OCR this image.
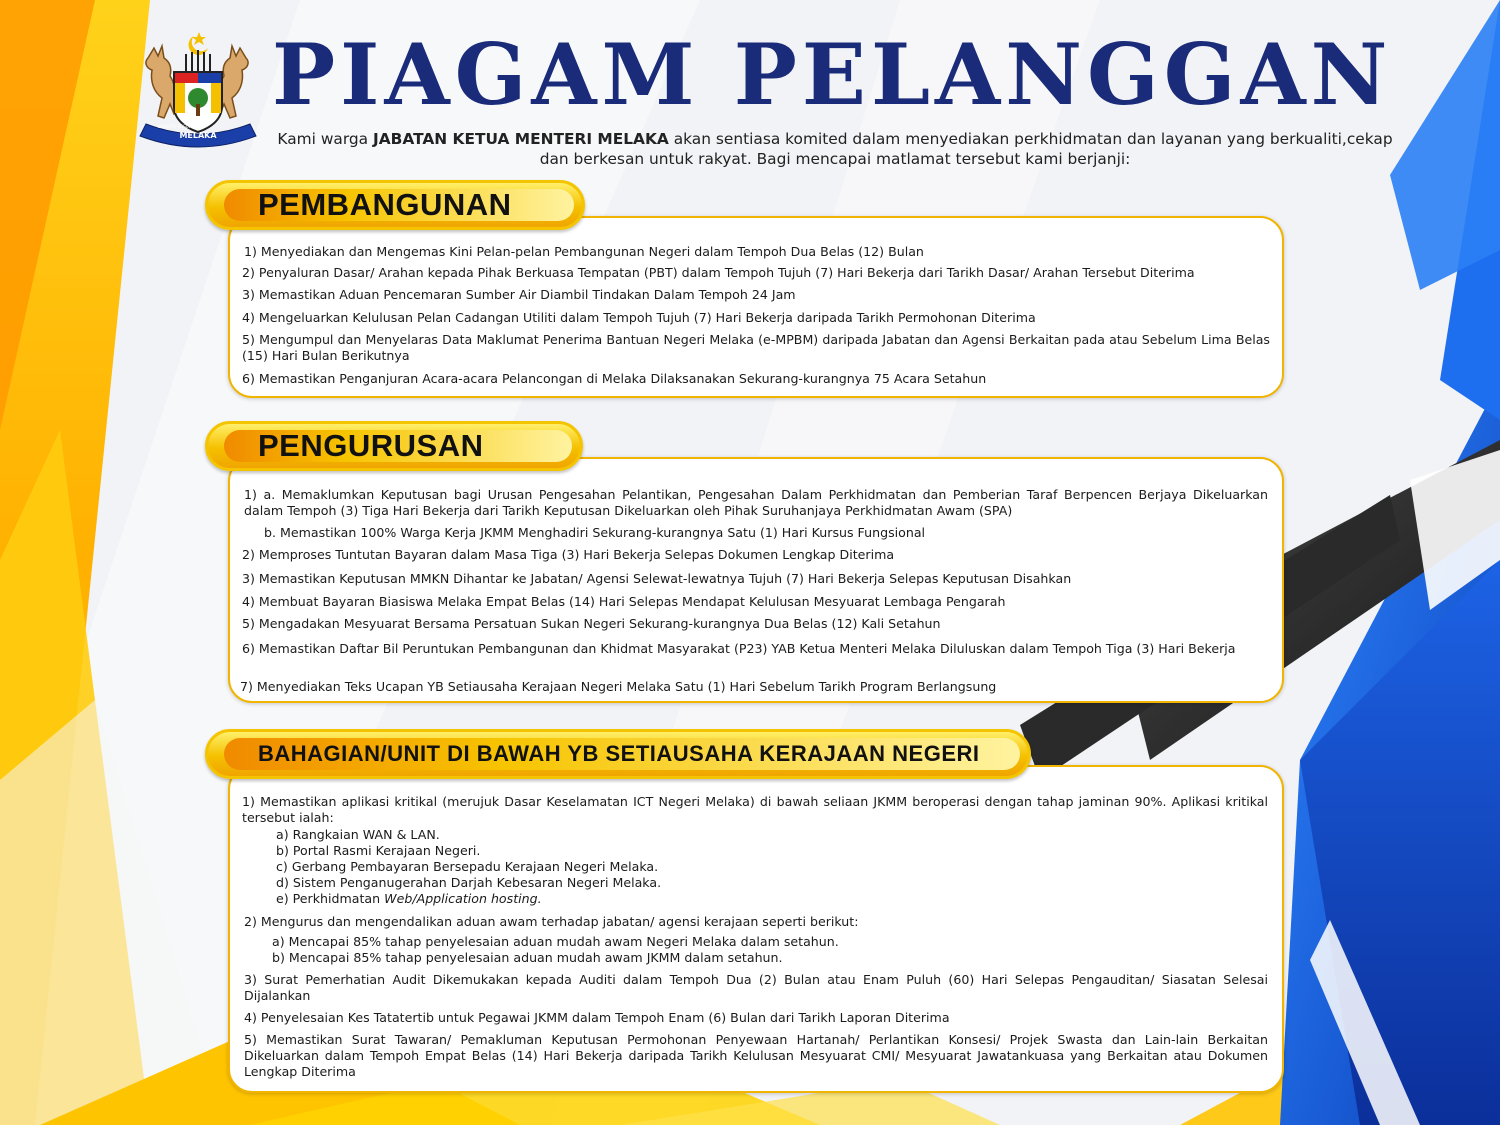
MELAKA
BERSATU TEGUH
PIAGAM PELANGGAN

Kami warga JABATAN KETUA MENTERI MELAKA akan sentiasa komited dalam menyediakan perkhidmatan dan layanan yang berkualiti,cekap dan berkesan untuk rakyat. Bagi mencapai matlamat tersebut kami berjanji:

PEMBANGUNAN

1) Menyediakan dan Mengemas Kini Pelan-pelan Pembangunan Negeri dalam Tempoh Dua Belas (12) Bulan

2) Penyaluran Dasar/ Arahan kepada Pihak Berkuasa Tempatan (PBT) dalam Tempoh Tujuh (7) Hari Bekerja dari Tarikh Dasar/ Arahan Tersebut Diterima

3) Memastikan Aduan Pencemaran Sumber Air Diambil Tindakan Dalam Tempoh 24 Jam

4) Mengeluarkan Kelulusan Pelan Cadangan Utiliti dalam Tempoh Tujuh (7) Hari Bekerja daripada Tarikh Permohonan Diterima

5) Mengumpul dan Menyelaras Data Maklumat Penerima Bantuan Negeri Melaka (e-MPBM) daripada Jabatan dan Agensi Berkaitan pada atau Sebelum Lima Belas (15) Hari Bulan Berikutnya

6) Memastikan Penganjuran Acara-acara Pelancongan di Melaka Dilaksanakan Sekurang-kurangnya 75 Acara Setahun

PENGURUSAN

1) a. Memaklumkan Keputusan bagi Urusan Pengesahan Pelantikan, Pengesahan Dalam Perkhidmatan dan Pemberian Taraf Berpencen Berjaya Dikeluarkan dalam Tempoh (3) Tiga Hari Bekerja dari Tarikh Keputusan Dikeluarkan oleh Pihak Suruhanjaya Perkhidmatan Awam (SPA)

b. Memastikan 100% Warga Kerja JKMM Menghadiri Sekurang-kurangnya Satu (1) Hari Kursus Fungsional

2) Memproses Tuntutan Bayaran dalam Masa Tiga (3) Hari Bekerja Selepas Dokumen Lengkap Diterima

3) Memastikan Keputusan MMKN Dihantar ke Jabatan/ Agensi Selewat-lewatnya Tujuh (7) Hari Bekerja Selepas Keputusan Disahkan

4) Membuat Bayaran Biasiswa Melaka Empat Belas (14) Hari Selepas Mendapat Kelulusan Mesyuarat Lembaga Pengarah

5) Mengadakan Mesyuarat Bersama Persatuan Sukan Negeri Sekurang-kurangnya Dua Belas (12) Kali Setahun

6) Memastikan Daftar Bil Peruntukan Pembangunan dan Khidmat Masyarakat (P23) YAB Ketua Menteri Melaka Diluluskan dalam Tempoh Tiga (3) Hari Bekerja

7) Menyediakan Teks Ucapan YB Setiausaha Kerajaan Negeri Melaka Satu (1) Hari Sebelum Tarikh Program Berlangsung

BAHAGIAN/UNIT DI BAWAH YB SETIAUSAHA KERAJAAN NEGERI

1) Memastikan aplikasi kritikal (merujuk Dasar Keselamatan ICT Negeri Melaka) di bawah seliaan JKMM beroperasi dengan tahap jaminan 90%. Aplikasi kritikal tersebut ialah:

a) Rangkaian WAN & LAN.

b) Portal Rasmi Kerajaan Negeri.

c) Gerbang Pembayaran Bersepadu Kerajaan Negeri Melaka.

d) Sistem Penganugerahan Darjah Kebesaran Negeri Melaka.

e) Perkhidmatan Web/Application hosting.

2) Mengurus dan mengendalikan aduan awam terhadap jabatan/ agensi kerajaan seperti berikut:

a) Mencapai 85% tahap penyelesaian aduan mudah awam Negeri Melaka dalam setahun.

b) Mencapai 85% tahap penyelesaian aduan mudah awam JKMM dalam setahun.

3) Surat Pemerhatian Audit Dikemukakan kepada Auditi dalam Tempoh Dua (2) Bulan atau Enam Puluh (60) Hari Selepas Pengauditan/ Siasatan Selesai Dijalankan

4) Penyelesaian Kes Tatatertib untuk Pegawai JKMM dalam Tempoh Enam (6) Bulan dari Tarikh Laporan Diterima

5) Memastikan Surat Tawaran/ Pemakluman Keputusan Permohonan Penyewaan Hartanah/ Perlantikan Konsesi/ Projek Swasta dan Lain-lain Berkaitan Dikeluarkan dalam Tempoh Empat Belas (14) Hari Bekerja daripada Tarikh Kelulusan Mesyuarat CMI/ Mesyuarat Jawatankuasa yang Berkaitan atau Dokumen Lengkap Diterima
